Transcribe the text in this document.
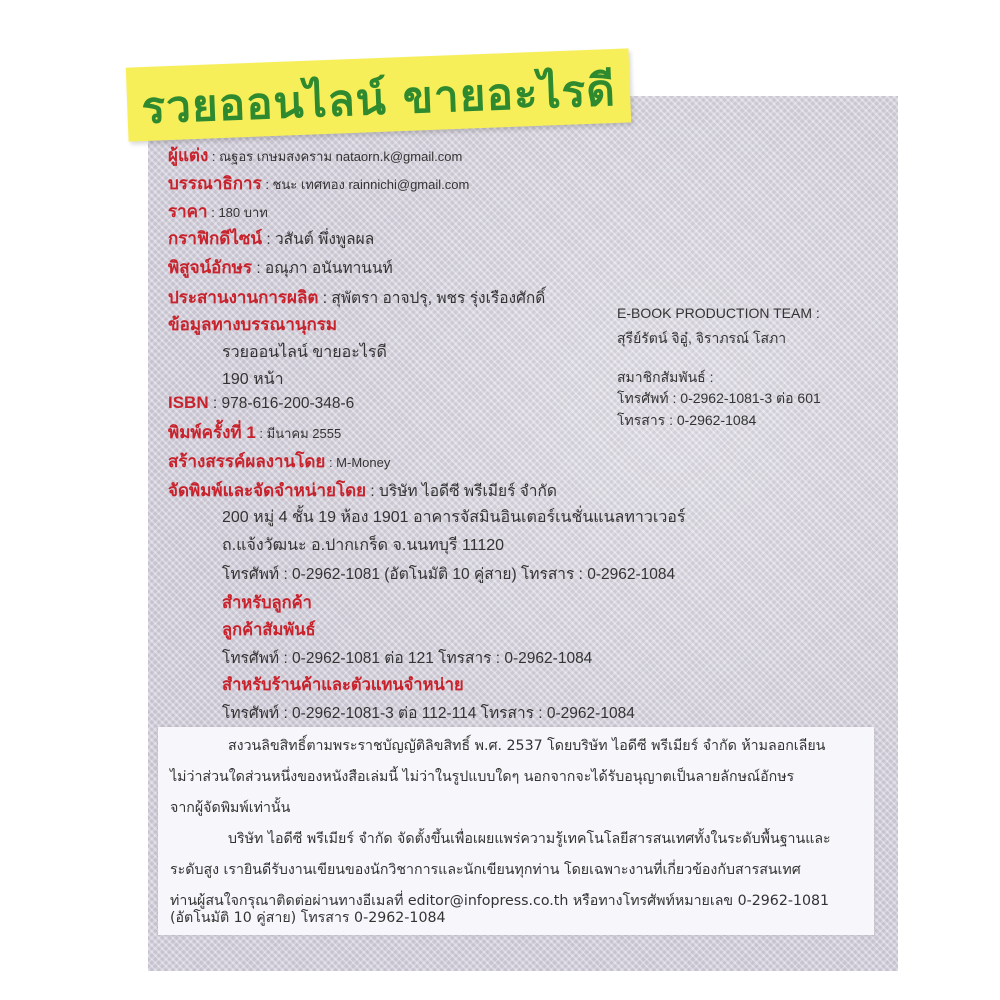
รวยออนไลน์ ขายอะไรดี
ผู้แต่ง : ณฐอร เกษมสงคราม nataorn.k@gmail.com
บรรณาธิการ : ชนะ เทศทอง rainnichi@gmail.com
ราคา : 180 บาท
กราฟิกดีไซน์ : วสันต์ พึ่งพูลผล
พิสูจน์อักษร : อณุภา อนันทานนท์
ประสานงานการผลิต : สุพัตรา อาจปรุ, พชร รุ่งเรืองศักดิ์
ข้อมูลทางบรรณานุกรม
รวยออนไลน์ ขายอะไรดี
190 หน้า
ISBN : 978-616-200-348-6
พิมพ์ครั้งที่ 1 : มีนาคม 2555
สร้างสรรค์ผลงานโดย : M-Money
จัดพิมพ์และจัดจำหน่ายโดย : บริษัท ไอดีซี พรีเมียร์ จำกัด
200 หมู่ 4 ชั้น 19 ห้อง 1901 อาคารจัสมินอินเตอร์เนชั่นแนลทาวเวอร์
ถ.แจ้งวัฒนะ อ.ปากเกร็ด จ.นนทบุรี 11120
โทรศัพท์ : 0-2962-1081 (อัตโนมัติ 10 คู่สาย) โทรสาร : 0-2962-1084
สำหรับลูกค้า
ลูกค้าสัมพันธ์
โทรศัพท์ : 0-2962-1081 ต่อ 121 โทรสาร : 0-2962-1084
สำหรับร้านค้าและตัวแทนจำหน่าย
โทรศัพท์ : 0-2962-1081-3 ต่อ 112-114 โทรสาร : 0-2962-1084
E-BOOK PRODUCTION TEAM :
สุรีย์รัตน์ จิอู๋, จิราภรณ์ โสภา
สมาชิกสัมพันธ์ :
โทรศัพท์ : 0-2962-1081-3 ต่อ 601
โทรสาร : 0-2962-1084

สงวนลิขสิทธิ์ตามพระราชบัญญัติลิขสิทธิ์ พ.ศ. 2537 โดยบริษัท ไอดีซี พรีเมียร์ จำกัด ห้ามลอกเลียน

ไม่ว่าส่วนใดส่วนหนึ่งของหนังสือเล่มนี้ ไม่ว่าในรูปแบบใดๆ นอกจากจะได้รับอนุญาตเป็นลายลักษณ์อักษร

จากผู้จัดพิมพ์เท่านั้น

บริษัท ไอดีซี พรีเมียร์ จำกัด จัดตั้งขึ้นเพื่อเผยแพร่ความรู้เทคโนโลยีสารสนเทศทั้งในระดับพื้นฐานและ

ระดับสูง เรายินดีรับงานเขียนของนักวิชาการและนักเขียนทุกท่าน โดยเฉพาะงานที่เกี่ยวข้องกับสารสนเทศ

ท่านผู้สนใจกรุณาติดต่อผ่านทางอีเมลที่ editor@infopress.co.th หรือทางโทรศัพท์หมายเลข 0-2962-1081

(อัตโนมัติ 10 คู่สาย) โทรสาร 0-2962-1084
